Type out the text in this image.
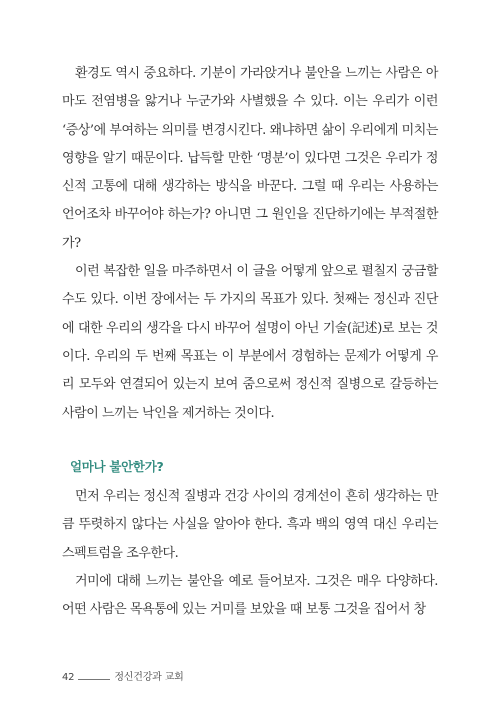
환경도 역시 중요하다. 기분이 가라앉거나 불안을 느끼는 사람은 아마도 전염병을 앓거나 누군가와 사별했을 수 있다. 이는 우리가 이런 ‘증상’에 부여하는 의미를 변경시킨다. 왜냐하면 삶이 우리에게 미치는 영향을 알기 때문이다. 납득할 만한 ‘명분’이 있다면 그것은 우리가 정신적 고통에 대해 생각하는 방식을 바꾼다. 그럴 때 우리는 사용하는 언어조차 바꾸어야 하는가? 아니면 그 원인을 진단하기에는 부적절한가?

이런 복잡한 일을 마주하면서 이 글을 어떻게 앞으로 펼칠지 궁금할 수도 있다. 이번 장에서는 두 가지의 목표가 있다. 첫째는 정신과 진단에 대한 우리의 생각을 다시 바꾸어 설명이 아닌 기술(記述)로 보는 것이다. 우리의 두 번째 목표는 이 부분에서 경험하는 문제가 어떻게 우리 모두와 연결되어 있는지 보여 줌으로써 정신적 질병으로 갈등하는 사람이 느끼는 낙인을 제거하는 것이다.

얼마나 불안한가?

먼저 우리는 정신적 질병과 건강 사이의 경계선이 흔히 생각하는 만큼 뚜렷하지 않다는 사실을 알아야 한다. 흑과 백의 영역 대신 우리는 스펙트럼을 조우한다.

거미에 대해 느끼는 불안을 예로 들어보자. 그것은 매우 다양하다. 어떤 사람은 목욕통에 있는 거미를 보았을 때 보통 그것을 집어서 창

42	정신건강과 교회
